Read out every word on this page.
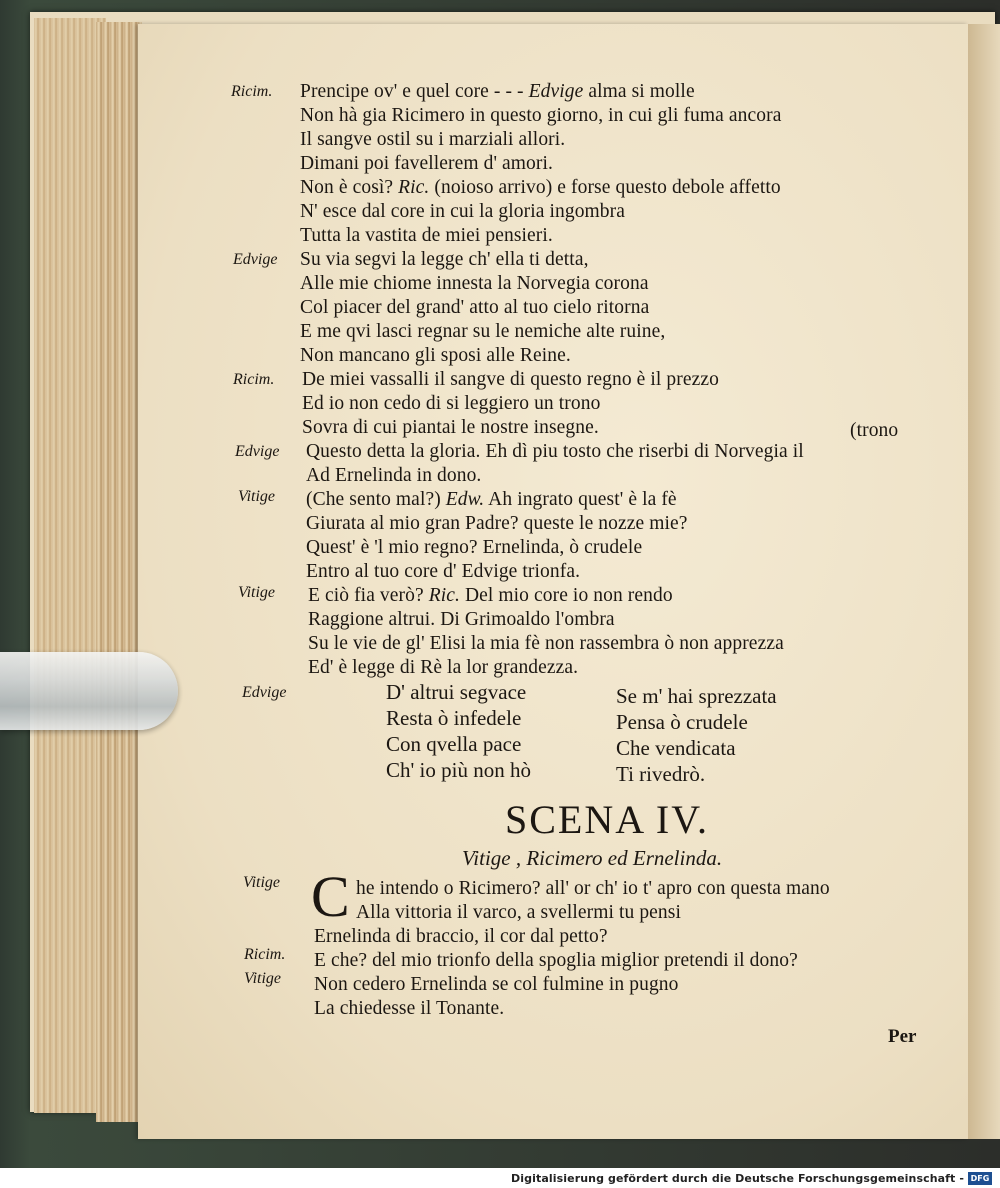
Ricim.
Edvige
Ricim.
Edvige
Vitige
Vitige
Edvige
Vitige
Ricim.
Vitige
Prencipe ov' e quel core - - - Edvige alma si molle
Non hà gia Ricimero in questo giorno, in cui gli fuma ancora
Il sangve ostil su i marziali allori.
Dimani poi favellerem d' amori.
Non è così? Ric. (noioso arrivo) e forse questo debole affetto
N' esce dal core in cui la gloria ingombra
Tutta la vastita de miei pensieri.
Su via segvi la legge ch' ella ti detta,
Alle mie chiome innesta la Norvegia corona
Col piacer del grand' atto al tuo cielo ritorna
E me qvi lasci regnar su le nemiche alte ruine,
Non mancano gli sposi alle Reine.
De miei vassalli il sangve di questo regno è il prezzo
Ed io non cedo di si leggiero un trono
Sovra di cui piantai le nostre insegne.	(trono
Questo detta la gloria. Eh dì piu tosto che riserbi di Norvegia il
Ad Ernelinda in dono.
(Che sento mal?) Edw. Ah ingrato quest' è la fè
Giurata al mio gran Padre? queste le nozze mie?
Quest' è 'l mio regno? Ernelinda, ò crudele
Entro al tuo core d' Edvige trionfa.
E ciò fia verò? Ric. Del mio core io non rendo
Raggione altrui. Di Grimoaldo l'ombra
Su le vie de gl' Elisi la mia fè non rassembra ò non apprezza
Ed' è legge di Rè la lor grandezza.
D' altrui segvace
Resta ò infedele
Con qvella pace
Ch' io più non hò
Se m' hai sprezzata
Pensa ò crudele
Che vendicata
Ti rivedrò.
SCENA IV.
Vitige , Ricimero ed Ernelinda.
C he intendo o Ricimero? all' or ch' io t' apro con questa mano
Alla vittoria il varco, a svellermi tu pensi
Ernelinda di braccio, il cor dal petto?
E che? del mio trionfo della spoglia miglior pretendi il dono?
Non cedero Ernelinda se col fulmine in pugno
La chiedesse il Tonante.
Per
Digitalisierung gefördert durch die Deutsche Forschungsgemeinschaft - DFG
